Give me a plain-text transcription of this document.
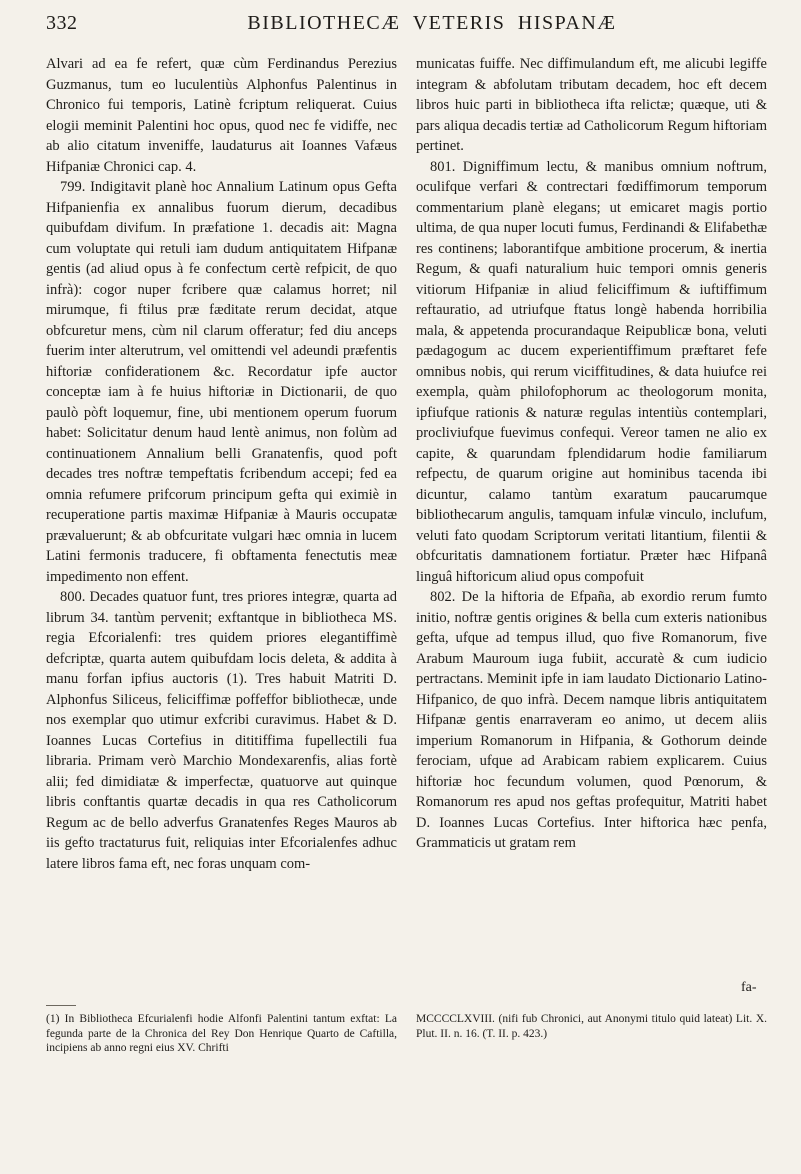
332	BIBLIOTHECÆ VETERIS HISPANÆ

Alvari ad ea fe refert, quæ cùm Ferdinandus Perezius Guzmanus, tum eo luculentiùs Alphonfus Palentinus in Chronico fui temporis, Latinè fcriptum reliquerat. Cuius elogii meminit Palentini hoc opus, quod nec fe vidiffe, nec ab alio citatum inveniffe, laudaturus ait Ioannes Vafæus Hifpaniæ Chronici cap. 4.

799. Indigitavit planè hoc Annalium Latinum opus Gefta Hifpanienfia ex annalibus fuorum dierum, decadibus quibufdam divifum. In præfatione 1. decadis ait: Magna cum voluptate qui retuli iam dudum antiquitatem Hifpanæ gentis (ad aliud opus à fe confectum certè refpicit, de quo infrà): cogor nuper fcribere quæ calamus horret; nil mirumque, fi ftilus præ fæditate rerum decidat, atque obfcuretur mens, cùm nil clarum offeratur; fed diu anceps fuerim inter alterutrum, vel omittendi vel adeundi præfentis hiftoriæ confiderationem &c. Recordatur ipfe auctor conceptæ iam à fe huius hiftoriæ in Dictionarii, de quo paulò pòft loquemur, fine, ubi mentionem operum fuorum habet: Solicitatur denum haud lentè animus, non folùm ad continuationem Annalium belli Granatenfis, quod poft decades tres noftræ tempeftatis fcribendum accepi; fed ea omnia refumere prifcorum principum gefta qui eximiè in recuperatione partis maximæ Hifpaniæ à Mauris occupatæ prævaluerunt; & ab obfcuritate vulgari hæc omnia in lucem Latini fermonis traducere, fi obftamenta fenectutis meæ impedimento non effent.

800. Decades quatuor funt, tres priores integræ, quarta ad librum 34. tantùm pervenit; exftantque in bibliotheca MS. regia Efcorialenfi: tres quidem priores elegantiffimè defcriptæ, quarta autem quibufdam locis deleta, & addita à manu forfan ipfius auctoris (1). Tres habuit Matriti D. Alphonfus Siliceus, feliciffimæ poffeffor bibliothecæ, unde nos exemplar quo utimur exfcribi curavimus. Habet & D. Ioannes Lucas Cortefius in dititiffima fupellectili fua libraria. Primam verò Marchio Mondexarenfis, alias fortè alii; fed dimidiatæ & imperfectæ, quatuorve aut quinque libris conftantis quartæ decadis in qua res Catholicorum Regum ac de bello adverfus Granatenfes Reges Mauros ab iis gefto tractaturus fuit, reliquias inter Efcorialenfes adhuc latere libros fama eft, nec foras unquam com-

municatas fuiffe. Nec diffimulandum eft, me alicubi legiffe integram & abfolutam tributam decadem, hoc eft decem libros huic parti in bibliotheca ifta relictæ; quæque, uti & pars aliqua decadis tertiæ ad Catholicorum Regum hiftoriam pertinet.

801. Digniffimum lectu, & manibus omnium noftrum, oculifque verfari & contrectari fœdiffimorum temporum commentarium planè elegans; ut emicaret magis portio ultima, de qua nuper locuti fumus, Ferdinandi & Elifabethæ res continens; laborantifque ambitione procerum, & inertia Regum, & quafi naturalium huic tempori omnis generis vitiorum Hifpaniæ in aliud feliciffimum & iuftiffimum reftauratio, ad utriufque ftatus longè habenda horribilia mala, & appetenda procurandaque Reipublicæ bona, veluti pædagogum ac ducem experientiffimum præftaret fefe omnibus nobis, qui rerum viciffitudines, & data huiufce rei exempla, quàm philofophorum ac theologorum monita, ipfiufque rationis & naturæ regulas intentiùs contemplari, procliviufque fuevimus confequi. Vereor tamen ne alio ex capite, & quarundam fplendidarum hodie familiarum refpectu, de quarum origine aut hominibus tacenda ibi dicuntur, calamo tantùm exaratum paucarumque bibliothecarum angulis, tamquam infulæ vinculo, inclufum, veluti fato quodam Scriptorum veritati litantium, filentii & obfcuritatis damnationem fortiatur. Præter hæc Hifpanâ linguâ hiftoricum aliud opus compofuit

802. De la hiftoria de Efpaña, ab exordio rerum fumto initio, noftræ gentis origines & bella cum exteris nationibus gefta, ufque ad tempus illud, quo five Romanorum, five Arabum Mauroum iuga fubiit, accuratè & cum iudicio pertractans. Meminit ipfe in iam laudato Dictionario Latino-Hifpanico, de quo infrà. Decem namque libris antiquitatem Hifpanæ gentis enarraveram eo animo, ut decem aliis imperium Romanorum in Hifpania, & Gothorum deinde ferociam, ufque ad Arabicam rabiem explicarem. Cuius hiftoriæ hoc fecundum volumen, quod Pœnorum, & Romanorum res apud nos geftas profequitur, Matriti habet D. Ioannes Lucas Cortefius. Inter hiftorica hæc penfa, Grammaticis ut gratam rem

fa-

(1) In Bibliotheca Efcurialenfi hodie Alfonfi Palentini tantum exftat: La fegunda parte de la Chronica del Rey Don Henrique Quarto de Caftilla, incipiens ab anno regni eius XV. Chrifti

MCCCCLXVIII. (nifi fub Chronici, aut Anonymi titulo quid lateat) Lit. X. Plut. II. n. 16. (T. II. p. 423.)
